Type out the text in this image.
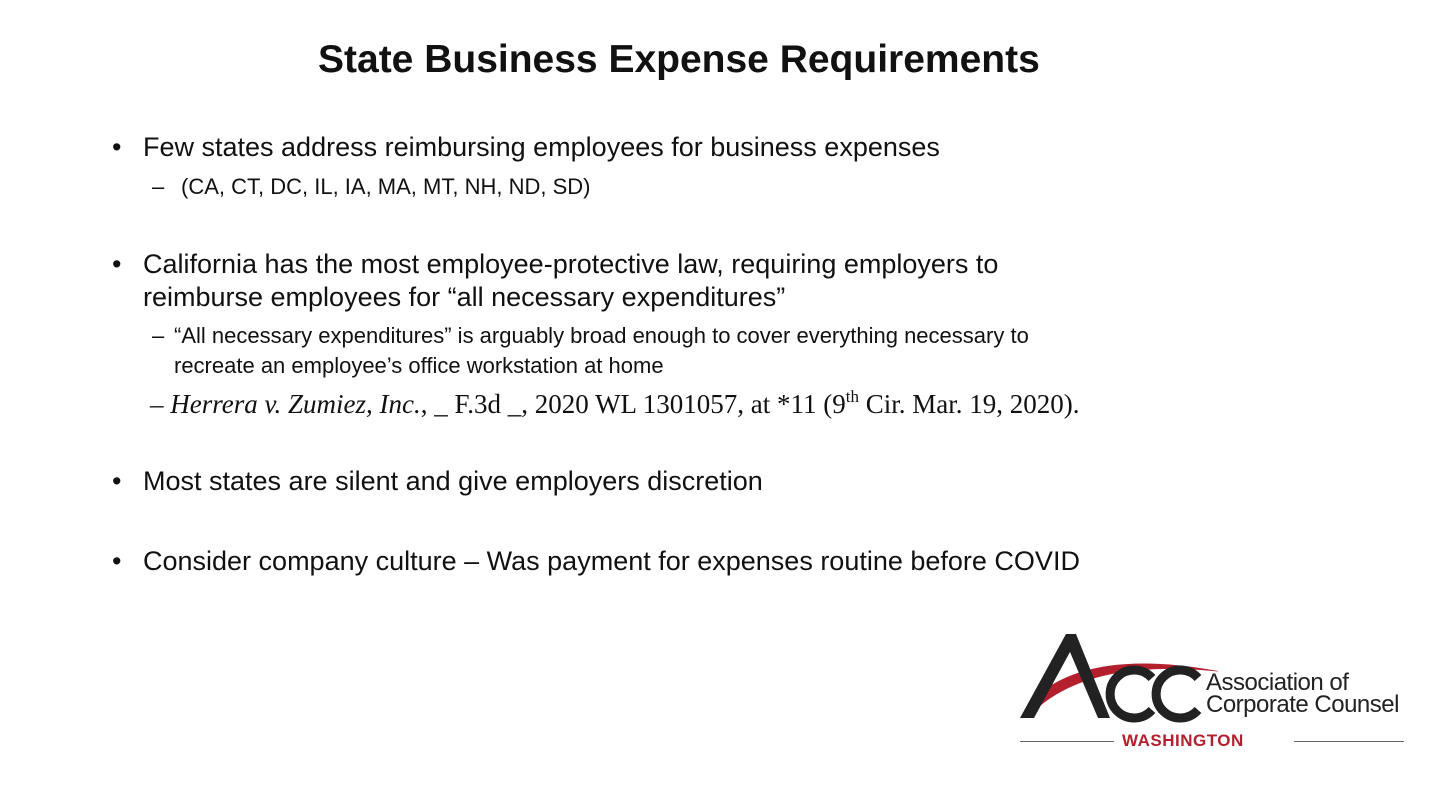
State Business Expense Requirements
• Few states address reimbursing employees for business expenses
– (CA, CT, DC, IL, IA, MA, MT, NH, ND, SD)
• California has the most employee-protective law, requiring employers to
reimburse employees for “all necessary expenditures”
– “All necessary expenditures” is arguably broad enough to cover everything necessary to
recreate an employee’s office workstation at home
– Herrera v. Zumiez, Inc., _ F.3d _, 2020 WL 1301057, at *11 (9th Cir. Mar. 19, 2020).
• Most states are silent and give employers discretion
• Consider company culture – Was payment for expenses routine before COVID
Association of
Corporate Counsel
WASHINGTON
